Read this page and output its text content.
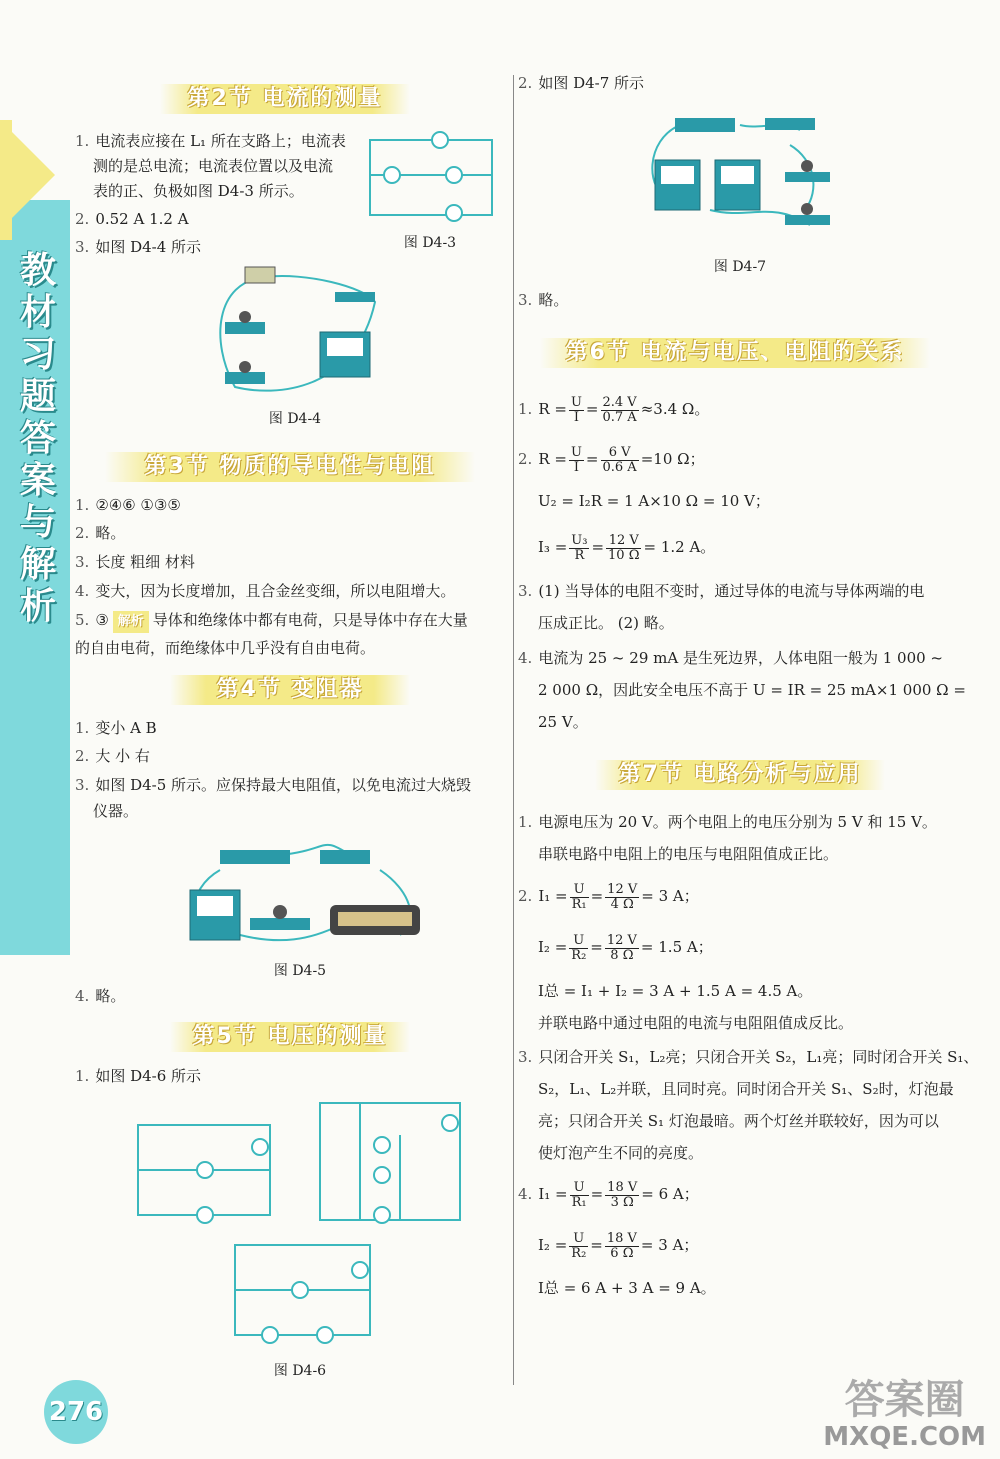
教材习题答案与解析
第2节 电流的测量
1. 电流表应接在 L₁ 所在支路上；电流表
测的是总电流；电流表位置以及电流
表的正、负极如图 D4-3 所示。
2. 0.52 A 1.2 A
3. 如图 D4-4 所示	图 D4-3
图 D4-4
第3节 物质的导电性与电阻
1. ②④⑥ ①③⑤
2. 略。
3. 长度 粗细 材料
4. 变大，因为长度增加，且合金丝变细，所以电阻增大。
5. ③ 解析 导体和绝缘体中都有电荷，只是导体中存在大量
的自由电荷，而绝缘体中几乎没有自由电荷。
第4节 变阻器
1. 变小 A B
2. 大 小 右
3. 如图 D4-5 所示。应保持最大电阻值，以免电流过大烧毁
仪器。
图 D4-5
4. 略。
第5节 电压的测量
1. 如图 D4-6 所示
图 D4-6
2. 如图 D4-7 所示
图 D4-7
3. 略。
第6节 电流与电压、电阻的关系
1. $R = \frac{U}{I} = \frac{2.4 V}{0.7 A} \approx 3.4$ Ω。
2. $R = \frac{U}{I} = \frac{6 V}{0.6 A} =10$ Ω；
U₂ = I₂R = 1 A×10 Ω = 10 V；
$I_3 = \frac{\text{U₃}}{R} = \frac{12 V}{10 \Omega} = 1.2$ A。
3. (1) 当导体的电阻不变时，通过导体的电流与导体两端的电
压成正比。 (2) 略。
4. 电流为 25 ~ 29 mA 是生死边界，人体电阻一般为 1 000 ~
2 000 Ω，因此安全电压不高于 U = IR = 25 mA×1 000 Ω =
25 V。
第7节 电路分析与应用
1. 电源电压为 20 V。两个电阻上的电压分别为 5 V 和 15 V。
串联电路中电阻上的电压与电阻阻值成正比。
2. $I_1 = \frac{U}{\text{R₁}} = \frac{12 V}{4 \Omega} = 3$ A；
$I_2 = \frac{U}{\text{R₂}} = \frac{12 V}{8 \Omega} = 1.5$ A；
I总 = I₁ + I₂ = 3 A + 1.5 A = 4.5 A。
并联电路中通过电阻的电流与电阻阻值成反比。
3. 只闭合开关 S₁，L₂亮；只闭合开关 S₂，L₁亮；同时闭合开关 S₁、
S₂，L₁、L₂并联，且同时亮。同时闭合开关 S₁、S₂时，灯泡最
亮；只闭合开关 S₁ 灯泡最暗。两个灯丝并联较好，因为可以
使灯泡产生不同的亮度。
4. $I_1 = \frac{U}{\text{R₁}} = \frac{18 V}{3 \Omega} = 6$ A；
$I_2 = \frac{U}{\text{R₂}} = \frac{18 V}{6 \Omega} = 3$ A；
I总 = 6 A + 3 A = 9 A。
276	答案圈
MXQE.COM
